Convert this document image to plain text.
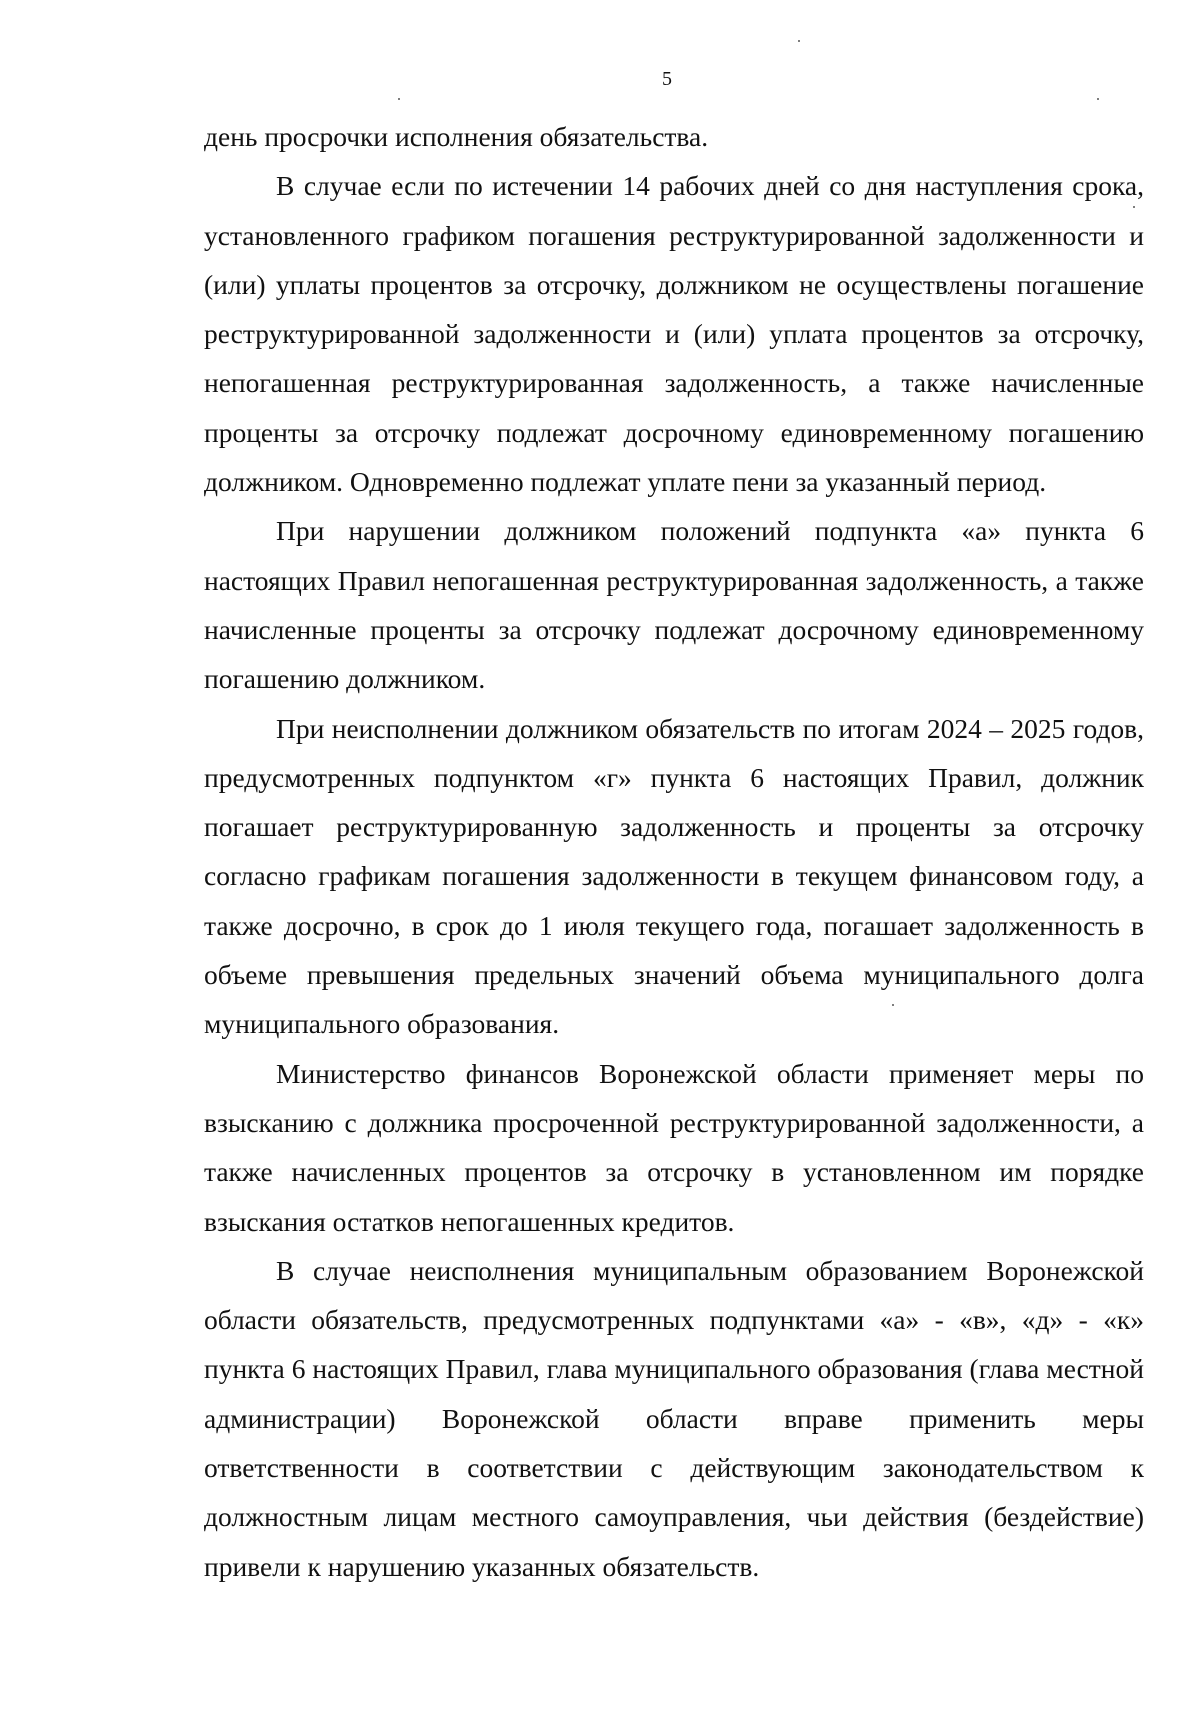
5

день просрочки исполнения обязательства.

В случае если по истечении 14 рабочих дней со дня наступления срока, установленного графиком погашения реструктурированной задолженности и (или) уплаты процентов за отсрочку, должником не осуществлены погашение реструктурированной задолженности и (или) уплата процентов за отсрочку, непогашенная реструктурированная задолженность, а также начисленные проценты за отсрочку подлежат досрочному единовременному погашению должником. Одновременно подлежат уплате пени за указанный период.

При нарушении должником положений подпункта «а» пункта 6 настоящих Правил непогашенная реструктурированная задолженность, а также начисленные проценты за отсрочку подлежат досрочному единовременному погашению должником.

При неисполнении должником обязательств по итогам 2024 – 2025 годов, предусмотренных подпунктом «г» пункта 6 настоящих Правил, должник погашает реструктурированную задолженность и проценты за отсрочку согласно графикам погашения задолженности в текущем финансовом году, а также досрочно, в срок до 1 июля текущего года, погашает задолженность в объеме превышения предельных значений объема муниципального долга муниципального образования.

Министерство финансов Воронежской области применяет меры по взысканию с должника просроченной реструктурированной задолженности, а также начисленных процентов за отсрочку в установленном им порядке взыскания остатков непогашенных кредитов.

В случае неисполнения муниципальным образованием Воронежской области обязательств, предусмотренных подпунктами «а» - «в», «д» - «к» пункта 6 настоящих Правил, глава муниципального образования (глава местной администрации) Воронежской области вправе применить меры ответственности в соответствии с действующим законодательством к должностным лицам местного самоуправления, чьи действия (бездействие) привели к нарушению указанных обязательств.
